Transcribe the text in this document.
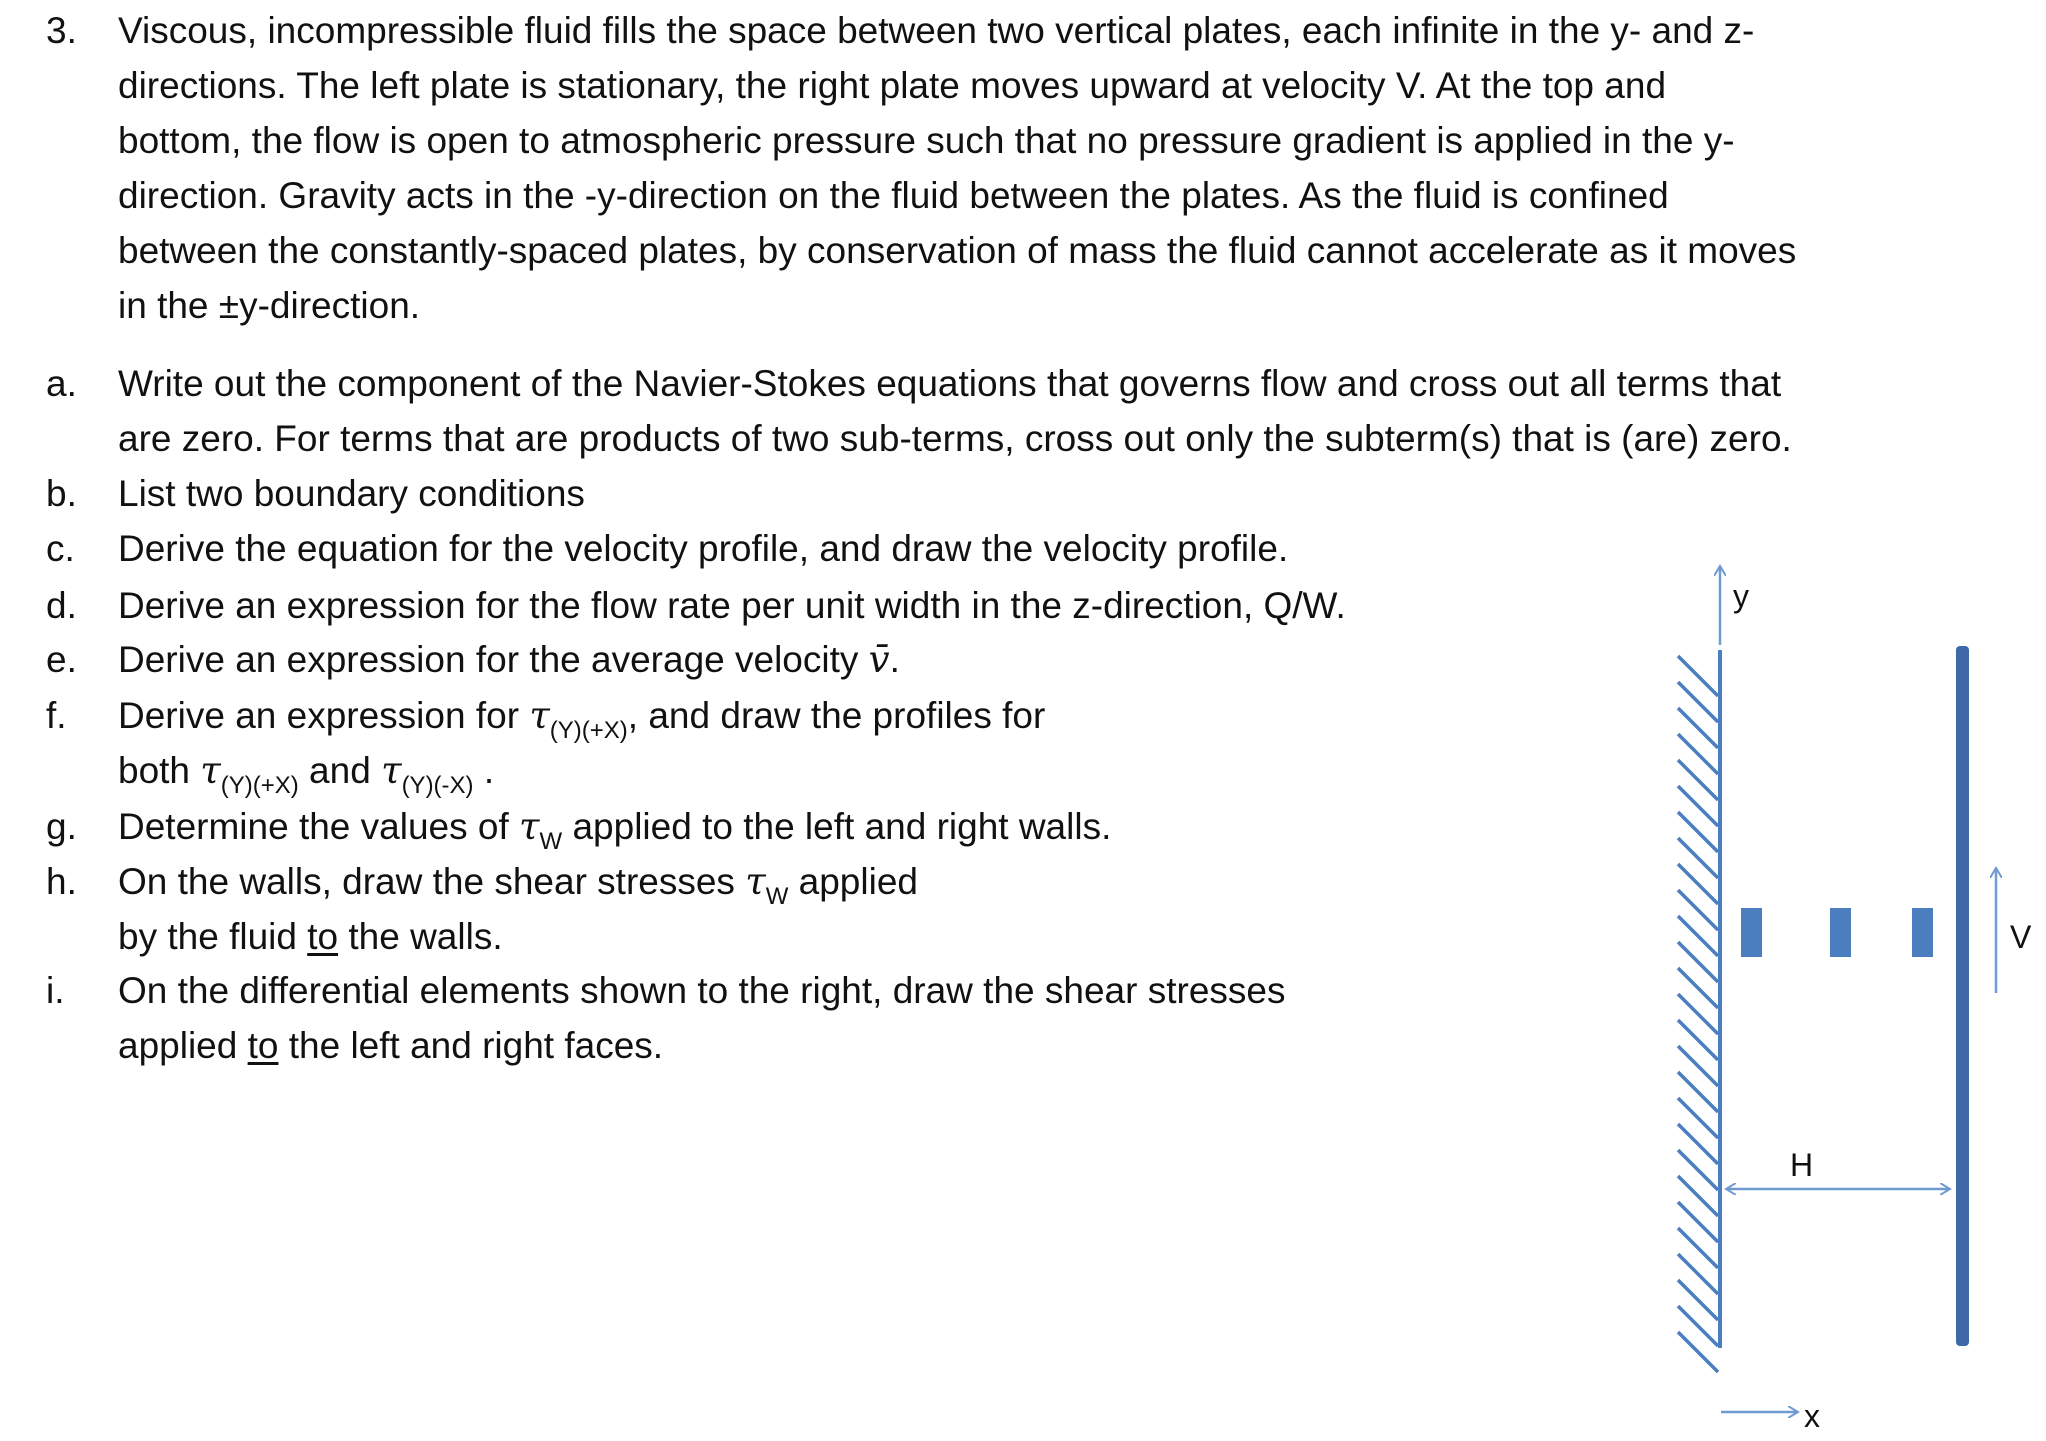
3.	Viscous, incompressible fluid fills the space between two vertical plates, each infinite in the y- and z-
directions. The left plate is stationary, the right plate moves upward at velocity V. At the top and
bottom, the flow is open to atmospheric pressure such that no pressure gradient is applied in the y-
direction. Gravity acts in the -y-direction on the fluid between the plates. As the fluid is confined
between the constantly-spaced plates, by conservation of mass the fluid cannot accelerate as it moves
in the ±y-direction.
a.	Write out the component of the Navier-Stokes equations that governs flow and cross out all terms that
are zero. For terms that are products of two sub-terms, cross out only the subterm(s) that is (are) zero.
b.	List two boundary conditions
c.	Derive the equation for the velocity profile, and draw the velocity profile.
d.	Derive an expression for the flow rate per unit width in the z-direction, Q/W.
e.	Derive an expression for the average velocity v̄.
f.	Derive an expression for $\tau_{(Y)(+X)}$, and draw the profiles for
both $\tau_{(Y)(+X)}$ and $\tau_{(Y)(-X)}$ .
g.	Determine the values of $\tau_W$ applied to the left and right walls.
h.	On the walls, draw the shear stresses $\tau_W$ applied
by the fluid to the walls.
i.	On the differential elements shown to the right, draw the shear stresses
applied to the left and right faces.
y
V
H
x
